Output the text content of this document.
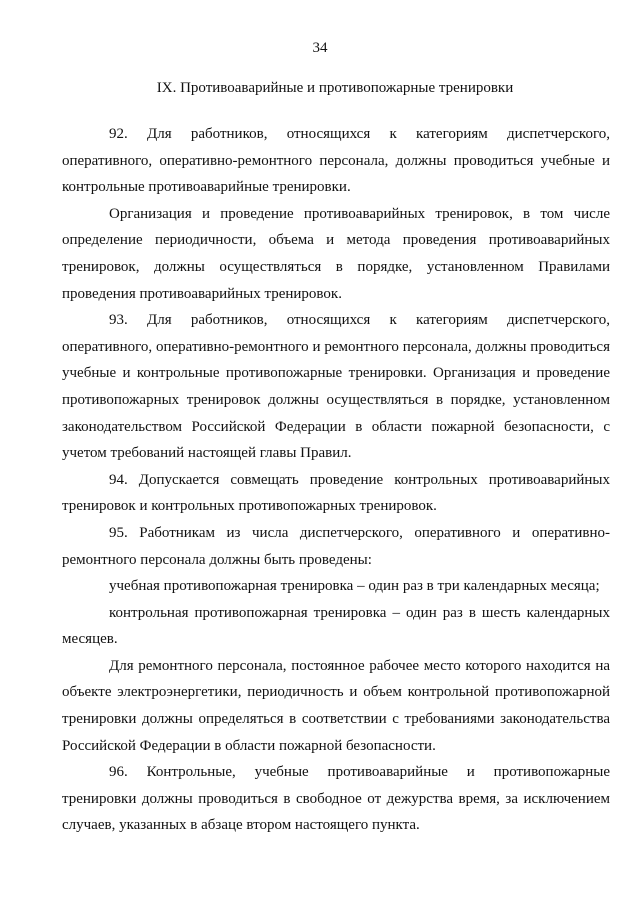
34
IX. Противоаварийные и противопожарные тренировки

92. Для работников, относящихся к категориям диспетчерского, оперативного, оперативно-ремонтного персонала, должны проводиться учебные и контрольные противоаварийные тренировки.

Организация и проведение противоаварийных тренировок, в том числе определение периодичности, объема и метода проведения противоаварийных тренировок, должны осуществляться в порядке, установленном Правилами проведения противоаварийных тренировок.

93. Для работников, относящихся к категориям диспетчерского, оперативного, оперативно-ремонтного и ремонтного персонала, должны проводиться учебные и контрольные противопожарные тренировки. Организация и проведение противопожарных тренировок должны осуществляться в порядке, установленном законодательством Российской Федерации в области пожарной безопасности, с учетом требований настоящей главы Правил.

94. Допускается совмещать проведение контрольных противоаварийных тренировок и контрольных противопожарных тренировок.

95. Работникам из числа диспетчерского, оперативного и оперативно-ремонтного персонала должны быть проведены:

учебная противопожарная тренировка – один раз в три календарных месяца;

контрольная противопожарная тренировка – один раз в шесть календарных месяцев.

Для ремонтного персонала, постоянное рабочее место которого находится на объекте электроэнергетики, периодичность и объем контрольной противопожарной тренировки должны определяться в соответствии с требованиями законодательства Российской Федерации в области пожарной безопасности.

96. Контрольные, учебные противоаварийные и противопожарные тренировки должны проводиться в свободное от дежурства время, за исключением случаев, указанных в абзаце втором настоящего пункта.
